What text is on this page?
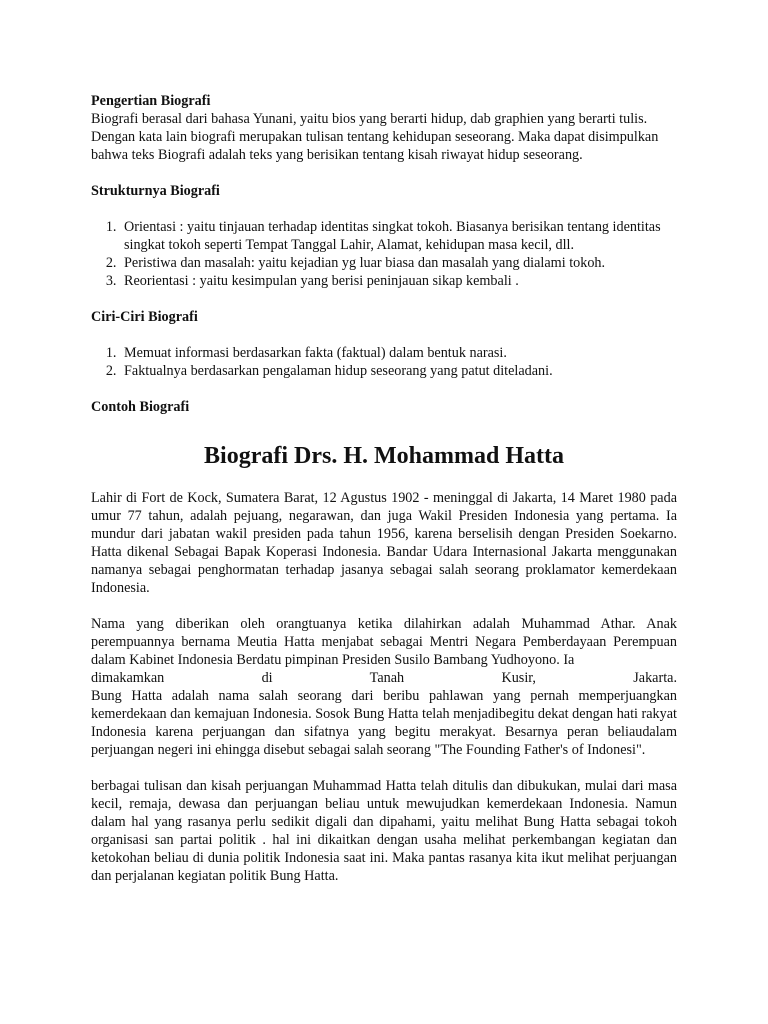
Pengertian Biografi

Biografi berasal dari bahasa Yunani, yaitu bios yang berarti hidup, dab graphien yang berarti tulis. Dengan kata lain biografi merupakan tulisan tentang kehidupan seseorang. Maka dapat disimpulkan bahwa teks Biografi adalah teks yang berisikan tentang kisah riwayat hidup seseorang.

Strukturnya Biografi
1. Orientasi : yaitu tinjauan terhadap identitas singkat tokoh. Biasanya berisikan tentang identitas singkat tokoh seperti Tempat Tanggal Lahir, Alamat, kehidupan masa kecil, dll.
2. Peristiwa dan masalah: yaitu kejadian yg luar biasa dan masalah yang dialami tokoh.
3. Reorientasi : yaitu kesimpulan yang berisi peninjauan sikap kembali .
Ciri-Ciri Biografi
1. Memuat informasi berdasarkan fakta (faktual) dalam bentuk narasi.
2. Faktualnya berdasarkan pengalaman hidup seseorang yang patut diteladani.
Contoh Biografi
Biografi Drs. H. Mohammad Hatta

Lahir di Fort de Kock, Sumatera Barat, 12 Agustus 1902 - meninggal di Jakarta, 14 Maret 1980 pada umur 77 tahun, adalah pejuang, negarawan, dan juga Wakil Presiden Indonesia yang pertama. Ia mundur dari jabatan wakil presiden pada tahun 1956, karena berselisih dengan Presiden Soekarno. Hatta dikenal Sebagai Bapak Koperasi Indonesia. Bandar Udara Internasional Jakarta menggunakan namanya sebagai penghormatan terhadap jasanya sebagai salah seorang proklamator kemerdekaan Indonesia.

Nama yang diberikan oleh orangtuanya ketika dilahirkan adalah Muhammad Athar. Anak perempuannya bernama Meutia Hatta menjabat sebagai Mentri Negara Pemberdayaan Perempuan dalam Kabinet Indonesia Berdatu pimpinan Presiden Susilo Bambang Yudhoyono. Ia

dimakamkan di Tanah Kusir, Jakarta.

Bung Hatta adalah nama salah seorang dari beribu pahlawan yang pernah memperjuangkan kemerdekaan dan kemajuan Indonesia. Sosok Bung Hatta telah menjadibegitu dekat dengan hati rakyat Indonesia karena perjuangan dan sifatnya yang begitu merakyat. Besarnya peran beliaudalam perjuangan negeri ini ehingga disebut sebagai salah seorang "The Founding Father's of Indonesi".

berbagai tulisan dan kisah perjuangan Muhammad Hatta telah ditulis dan dibukukan, mulai dari masa kecil, remaja, dewasa dan perjuangan beliau untuk mewujudkan kemerdekaan Indonesia. Namun dalam hal yang rasanya perlu sedikit digali dan dipahami, yaitu melihat Bung Hatta sebagai tokoh organisasi san partai politik . hal ini dikaitkan dengan usaha melihat perkembangan kegiatan dan ketokohan beliau di dunia politik Indonesia saat ini. Maka pantas rasanya kita ikut melihat perjuangan dan perjalanan kegiatan politik Bung Hatta.
